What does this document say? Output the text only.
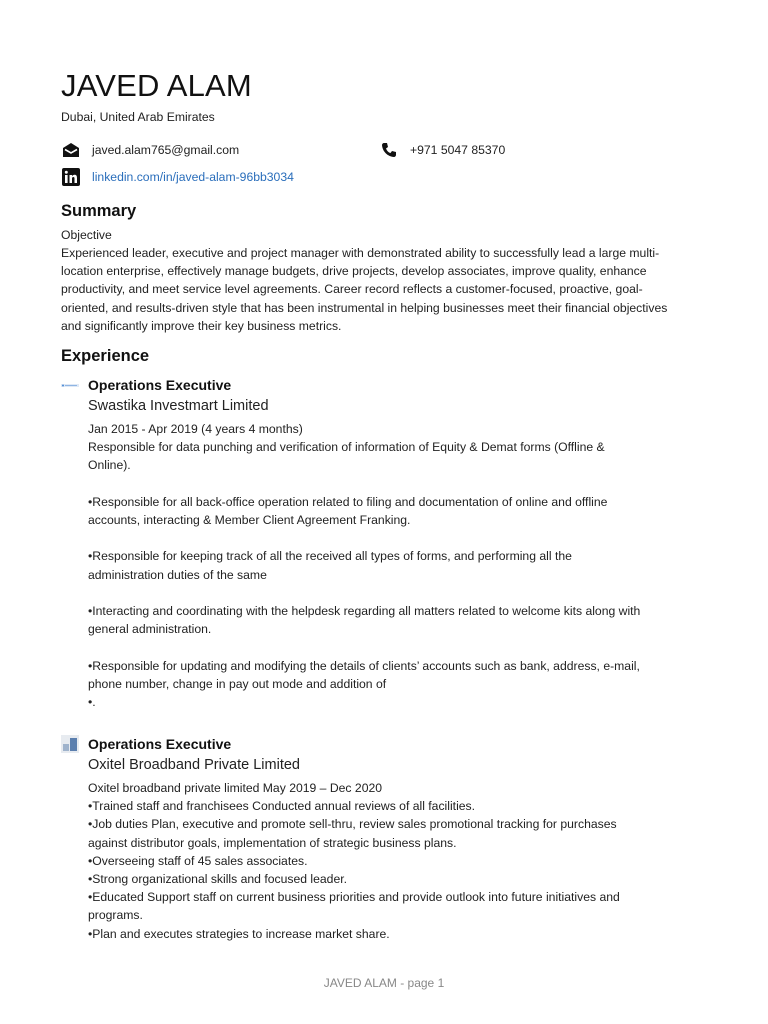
JAVED ALAM
Dubai, United Arab Emirates
javed.alam765@gmail.com	+971 5047 85370
linkedin.com/in/javed-alam-96bb3034
Summary
Objective
Experienced leader, executive and project manager with demonstrated ability to successfully lead a large multi-
location enterprise, effectively manage budgets, drive projects, develop associates, improve quality, enhance
productivity, and meet service level agreements. Career record reflects a customer-focused, proactive, goal-
oriented, and results-driven style that has been instrumental in helping businesses meet their financial objectives
and significantly improve their key business metrics.
Experience
Operations Executive
Swastika Investmart Limited

Jan 2015 - Apr 2019 (4 years 4 months)

Responsible for data punching and verification of information of Equity & Demat forms (Offline &

Online).

•Responsible for all back-office operation related to filing and documentation of online and offline

accounts, interacting & Member Client Agreement Franking.

•Responsible for keeping track of all the received all types of forms, and performing all the

administration duties of the same

•Interacting and coordinating with the helpdesk regarding all matters related to welcome kits along with

general administration.

•Responsible for updating and modifying the details of clients’ accounts such as bank, address, e-mail,

phone number, change in pay out mode and addition of

•.

Operations Executive
Oxitel Broadband Private Limited

Oxitel broadband private limited May 2019 – Dec 2020

•Trained staff and franchisees Conducted annual reviews of all facilities.

•Job duties Plan, executive and promote sell-thru, review sales promotional tracking for purchases

against distributor goals, implementation of strategic business plans.

•Overseeing staff of 45 sales associates.

•Strong organizational skills and focused leader.

•Educated Support staff on current business priorities and provide outlook into future initiatives and

programs.

•Plan and executes strategies to increase market share.

JAVED ALAM - page 1
